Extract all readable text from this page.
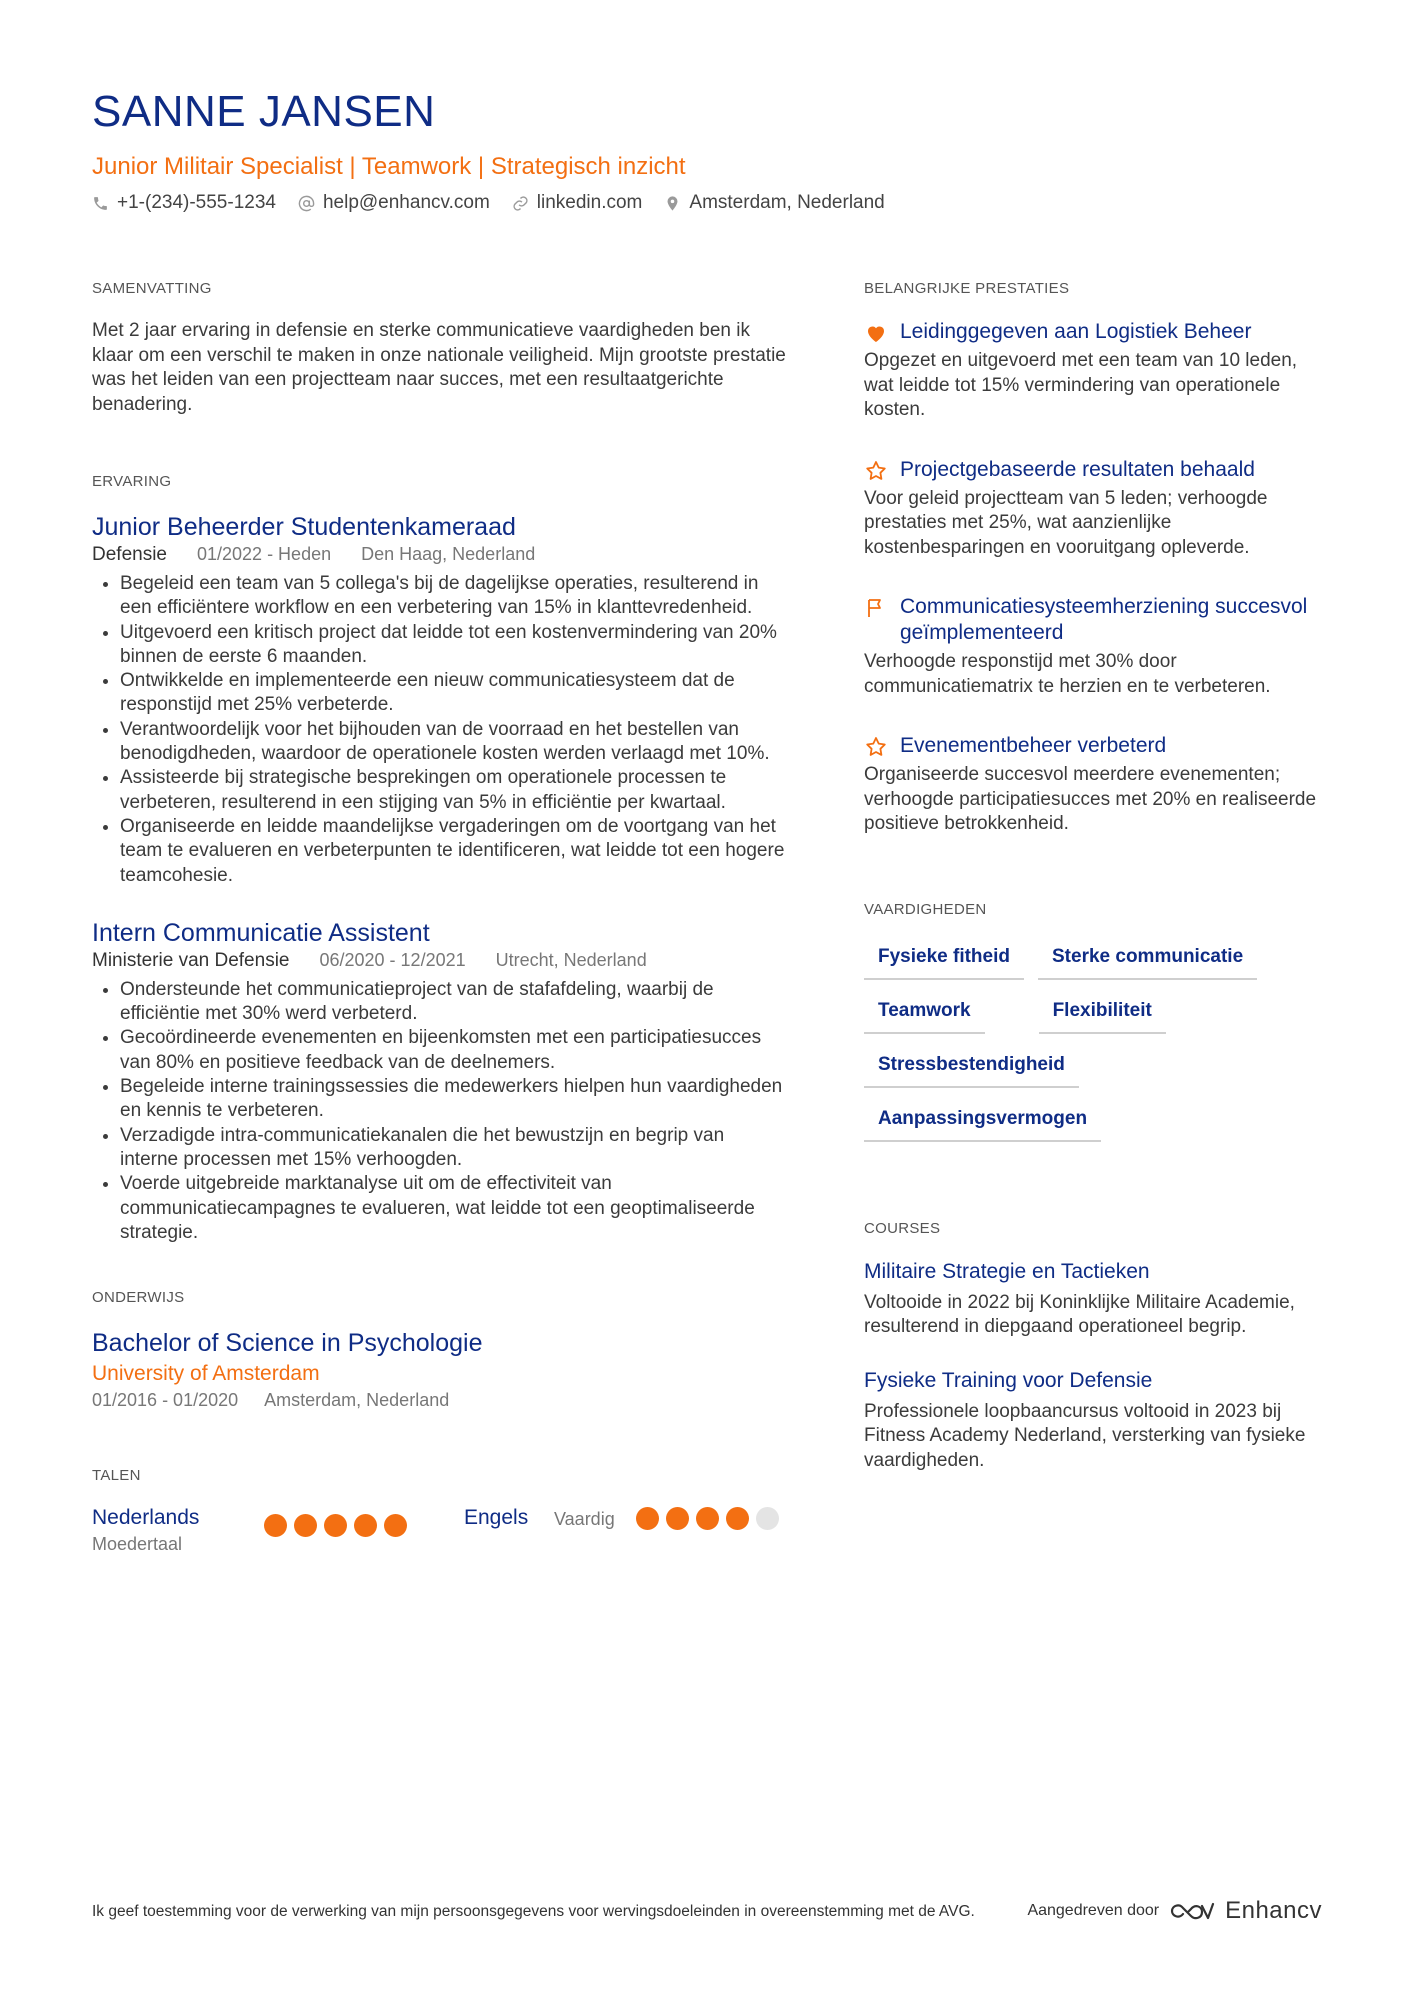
SANNE JANSEN
Junior Militair Specialist | Teamwork | Strategisch inzicht
+1-(234)-555-1234 help@enhancv.com linkedin.com Amsterdam, Nederland
SAMENVATTING

Met 2 jaar ervaring in defensie en sterke communicatieve vaardigheden ben ik klaar om een verschil te maken in onze nationale veiligheid. Mijn grootste prestatie was het leiden van een projectteam naar succes, met een resultaatgerichte benadering.

ERVARING
Junior Beheerder Studentenkameraad
Defensie 01/2022 - Heden Den Haag, Nederland
• Begeleid een team van 5 collega's bij de dagelijkse operaties, resulterend in een efficiëntere workflow en een verbetering van 15% in klanttevredenheid.
• Uitgevoerd een kritisch project dat leidde tot een kostenvermindering van 20% binnen de eerste 6 maanden.
• Ontwikkelde en implementeerde een nieuw communicatiesysteem dat de responstijd met 25% verbeterde.
• Verantwoordelijk voor het bijhouden van de voorraad en het bestellen van benodigdheden, waardoor de operationele kosten werden verlaagd met 10%.
• Assisteerde bij strategische besprekingen om operationele processen te verbeteren, resulterend in een stijging van 5% in efficiëntie per kwartaal.
• Organiseerde en leidde maandelijkse vergaderingen om de voortgang van het team te evalueren en verbeterpunten te identificeren, wat leidde tot een hogere teamcohesie.
Intern Communicatie Assistent
Ministerie van Defensie 06/2020 - 12/2021 Utrecht, Nederland
• Ondersteunde het communicatieproject van de stafafdeling, waarbij de efficiëntie met 30% werd verbeterd.
• Gecoördineerde evenementen en bijeenkomsten met een participatiesucces van 80% en positieve feedback van de deelnemers.
• Begeleide interne trainingssessies die medewerkers hielpen hun vaardigheden en kennis te verbeteren.
• Verzadigde intra-communicatiekanalen die het bewustzijn en begrip van interne processen met 15% verhoogden.
• Voerde uitgebreide marktanalyse uit om de effectiviteit van communicatiecampagnes te evalueren, wat leidde tot een geoptimaliseerde strategie.
ONDERWIJS
Bachelor of Science in Psychologie
University of Amsterdam
01/2016 - 01/2020 Amsterdam, Nederland
TALEN
Nederlands
Moedertaal
Engels	Vaardig
BELANGRIJKE PRESTATIES
Leidinggegeven aan Logistiek Beheer
Opgezet en uitgevoerd met een team van 10 leden, wat leidde tot 15% vermindering van operationele kosten.
Projectgebaseerde resultaten behaald
Voor geleid projectteam van 5 leden; verhoogde prestaties met 25%, wat aanzienlijke kostenbesparingen en vooruitgang opleverde.
Communicatiesysteemherziening succesvol geïmplementeerd
Verhoogde responstijd met 30% door communicatiematrix te herzien en te verbeteren.
Evenementbeheer verbeterd
Organiseerde succesvol meerdere evenementen; verhoogde participatiesucces met 20% en realiseerde positieve betrokkenheid.
VAARDIGHEDEN
Fysieke fitheid	Sterke communicatie
Teamwork	Flexibiliteit
Stressbestendigheid
Aanpassingsvermogen
COURSES
Militaire Strategie en Tactieken
Voltooide in 2022 bij Koninklijke Militaire Academie, resulterend in diepgaand operationeel begrip.
Fysieke Training voor Defensie
Professionele loopbaancursus voltooid in 2023 bij Fitness Academy Nederland, versterking van fysieke vaardigheden.
Ik geef toestemming voor de verwerking van mijn persoonsgegevens voor wervingsdoeleinden in overeenstemming met de AVG.	Aangedreven door	Enhancv
